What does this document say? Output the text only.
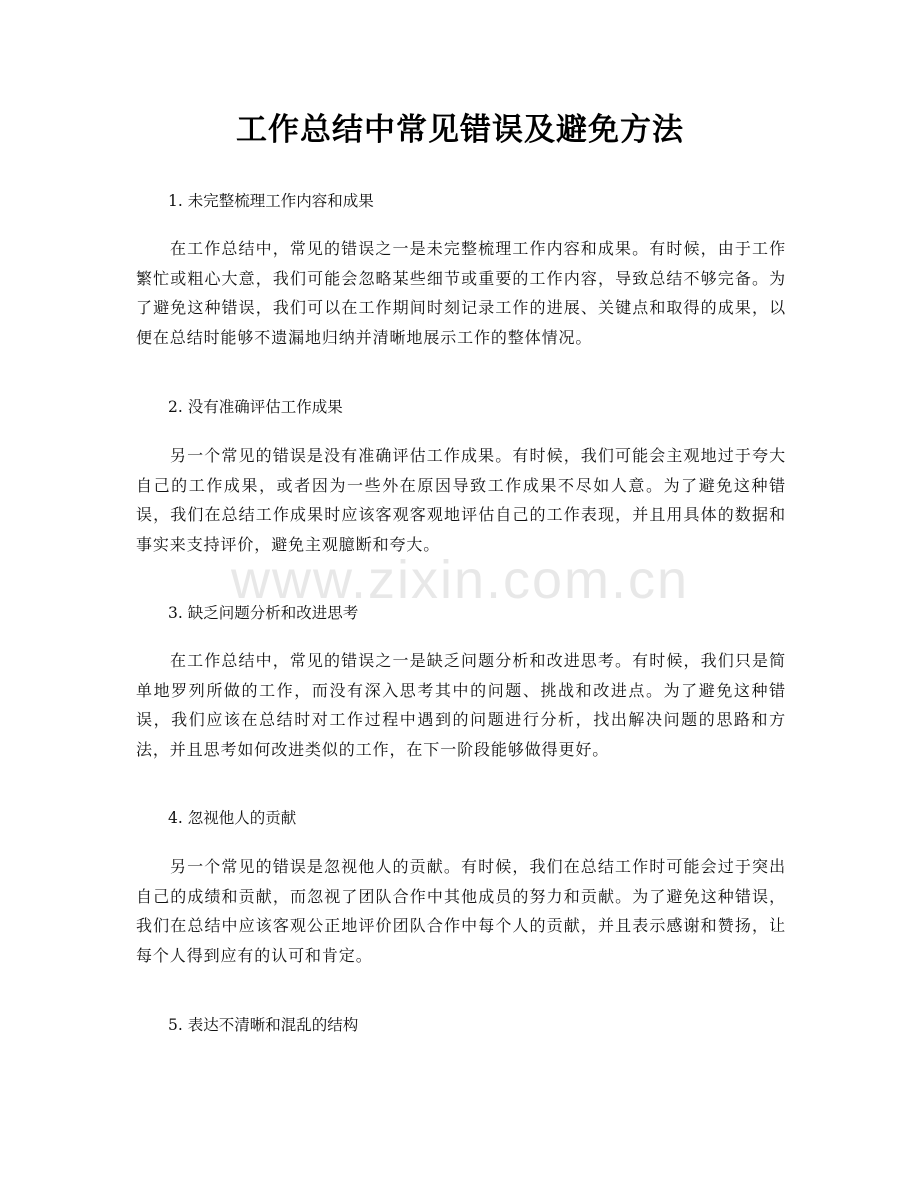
工作总结中常见错误及避免方法
1. 未完整梳理工作内容和成果
在工作总结中，常见的错误之一是未完整梳理工作内容和成果。有时候，由于工作繁忙或粗心大意，我们可能会忽略某些细节或重要的工作内容，导致总结不够完备。为了避免这种错误，我们可以在工作期间时刻记录工作的进展、关键点和取得的成果，以便在总结时能够不遗漏地归纳并清晰地展示工作的整体情况。
2. 没有准确评估工作成果
另一个常见的错误是没有准确评估工作成果。有时候，我们可能会主观地过于夸大自己的工作成果，或者因为一些外在原因导致工作成果不尽如人意。为了避免这种错误，我们在总结工作成果时应该客观客观地评估自己的工作表现，并且用具体的数据和事实来支持评价，避免主观臆断和夸大。
3. 缺乏问题分析和改进思考
在工作总结中，常见的错误之一是缺乏问题分析和改进思考。有时候，我们只是简单地罗列所做的工作，而没有深入思考其中的问题、挑战和改进点。为了避免这种错误，我们应该在总结时对工作过程中遇到的问题进行分析，找出解决问题的思路和方法，并且思考如何改进类似的工作，在下一阶段能够做得更好。
4. 忽视他人的贡献
另一个常见的错误是忽视他人的贡献。有时候，我们在总结工作时可能会过于突出自己的成绩和贡献，而忽视了团队合作中其他成员的努力和贡献。为了避免这种错误，我们在总结中应该客观公正地评价团队合作中每个人的贡献，并且表示感谢和赞扬，让每个人得到应有的认可和肯定。
5. 表达不清晰和混乱的结构
www.zixin.com.cn
